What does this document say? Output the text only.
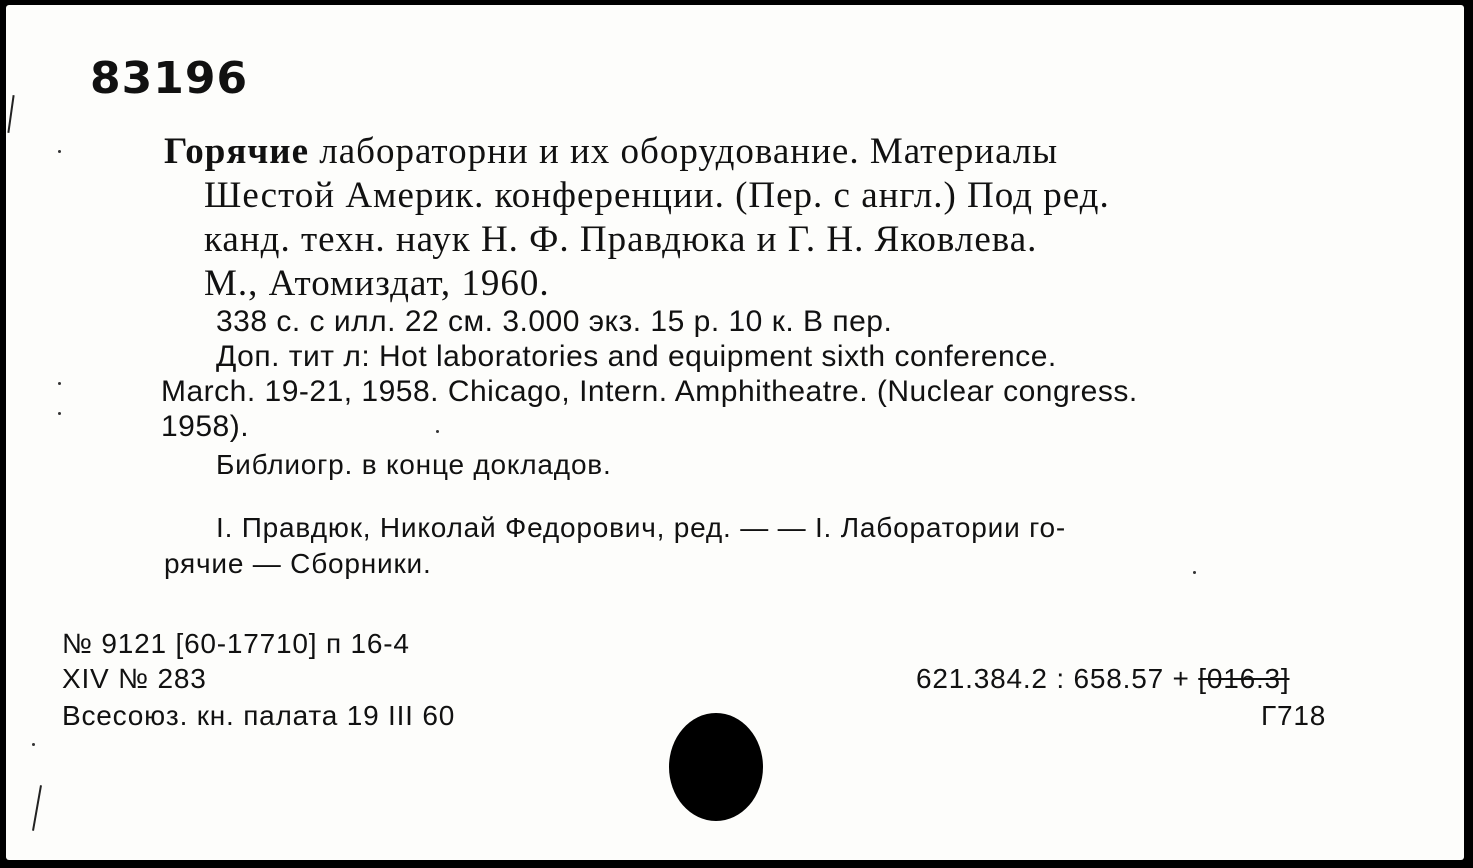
83196
Горячие лабораторни и их оборудование. Материалы
Шестой Америк. конференции. (Пер. с англ.) Под ред.
канд. техн. наук Н. Ф. Правдюка и Г. Н. Яковлева.
М., Атомиздат, 1960.
338 с. с илл. 22 см. 3.000 экз. 15 р. 10 к. В пер.
Доп. тит л: Hot laboratories and equipment sixth conference.
March. 19-21, 1958. Chicago, Intern. Amphitheatre. (Nuclear congress.
1958).
Библиогр. в конце докладов.
I. Правдюк, Николай Федорович, ред. — — I. Лаборатории го-
рячие — Сборники.
№ 9121 [60-17710] п 16-4
XIV № 283
Всесоюз. кн. палата 19 III 60
621.384.2 : 658.57 + [016.3]
Г718
